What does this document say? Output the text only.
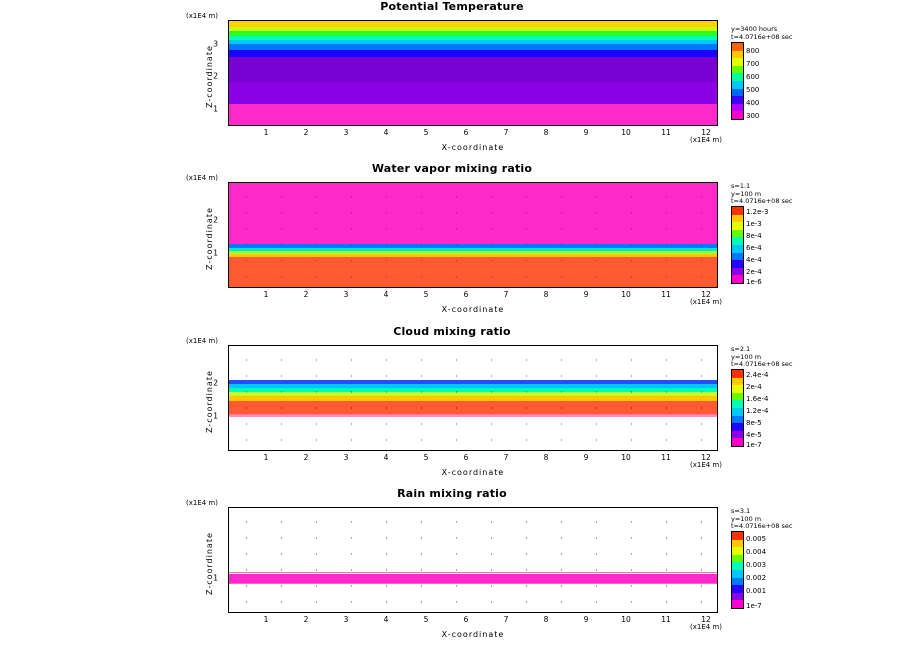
Potential Temperature
(x1E4 m)
Z-coordinate
3
2
1
1	2	3	4	5	6	7	8	9	10	11	12
(x1E4 m)
X-coordinate
y=3400 hours
t=4.0716e+08 sec
800
700
600
500
400
300
Water vapor mixing ratio
(x1E4 m)
Z-coordinate 2
1
1	2	3	4	5	6	7	8	9	10	11	12
(x1E4 m)
X-coordinate
s=1.1
y=100 m
t=4.0716e+08 sec
1.2e-3
1e-3
8e-4
6e-4
4e-4
2e-4
1e-6
Cloud mixing ratio
(x1E4 m)
Z-coordinate 2
1
1	2	3	4	5	6	7	8	9	10	11	12
(x1E4 m)
X-coordinate
s=2.1
y=100 m
t=4.0716e+08 sec
2.4e-4
2e-4
1.6e-4
1.2e-4
8e-5
4e-5
1e-7
Rain mixing ratio
(x1E4 m)
Z-coordinate 1
1	2	3	4	5	6	7	8	9	10	11	12
(x1E4 m)
X-coordinate
s=3.1
y=100 m
t=4.0716e+08 sec
0.005
0.004
0.003
0.002
0.001
1e-7
